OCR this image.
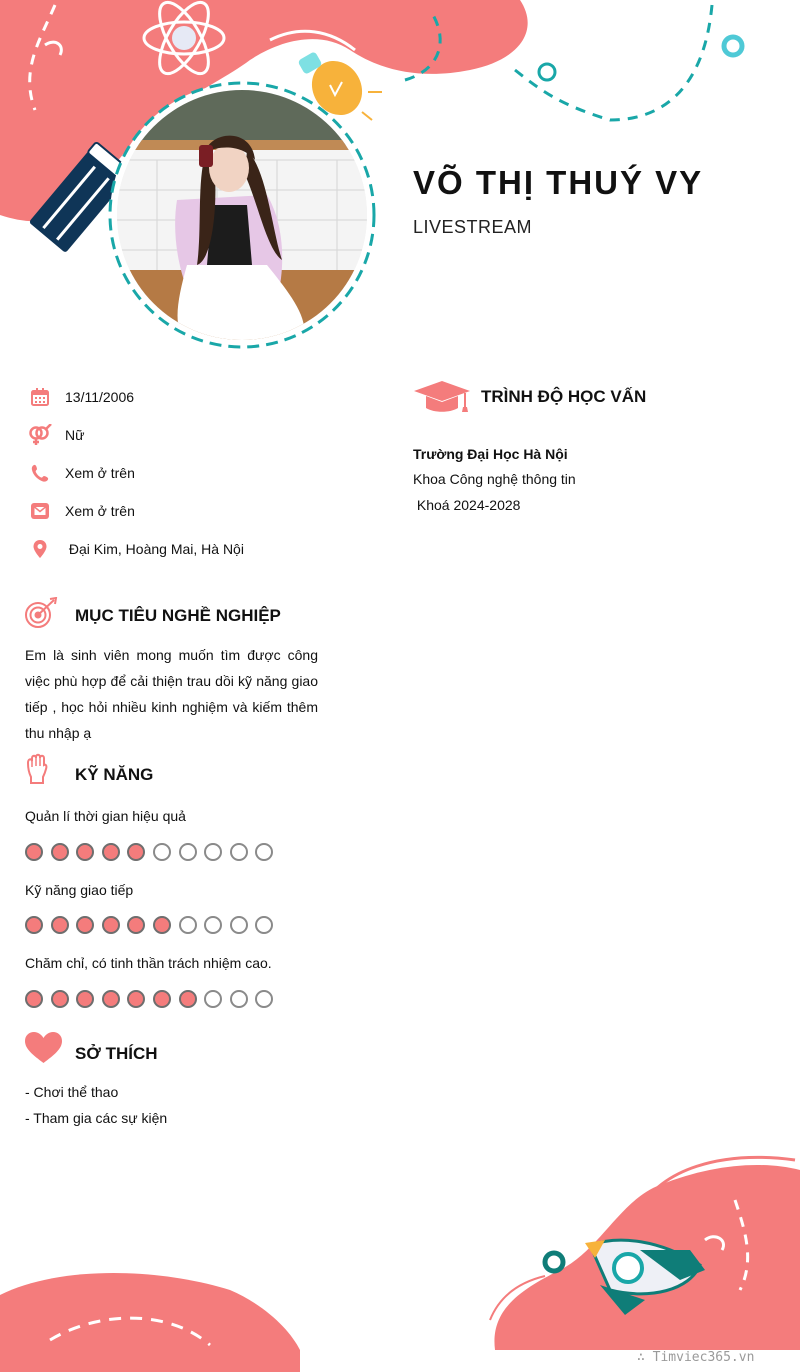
VÕ THỊ THUÝ VY
LIVESTREAM
13/11/2006
Nữ
Xem ở trên
Xem ở trên
Đại Kim, Hoàng Mai, Hà Nội
MỤC TIÊU NGHỀ NGHIỆP
Em là sinh viên mong muốn tìm được công việc phù hợp để cải thiện trau dồi kỹ năng giao tiếp , học hỏi nhiều kinh nghiệm và kiếm thêm thu nhập ạ
KỸ NĂNG
Quản lí thời gian hiệu quả
Kỹ năng giao tiếp
Chăm chỉ, có tinh thần trách nhiệm cao.
SỞ THÍCH
- Chơi thể thao
- Tham gia các sự kiện
TRÌNH ĐỘ HỌC VẤN
Trường Đại Học Hà Nội
Khoa Công nghệ thông tin
Khoá 2024-2028
∴ Timviec365.vn
